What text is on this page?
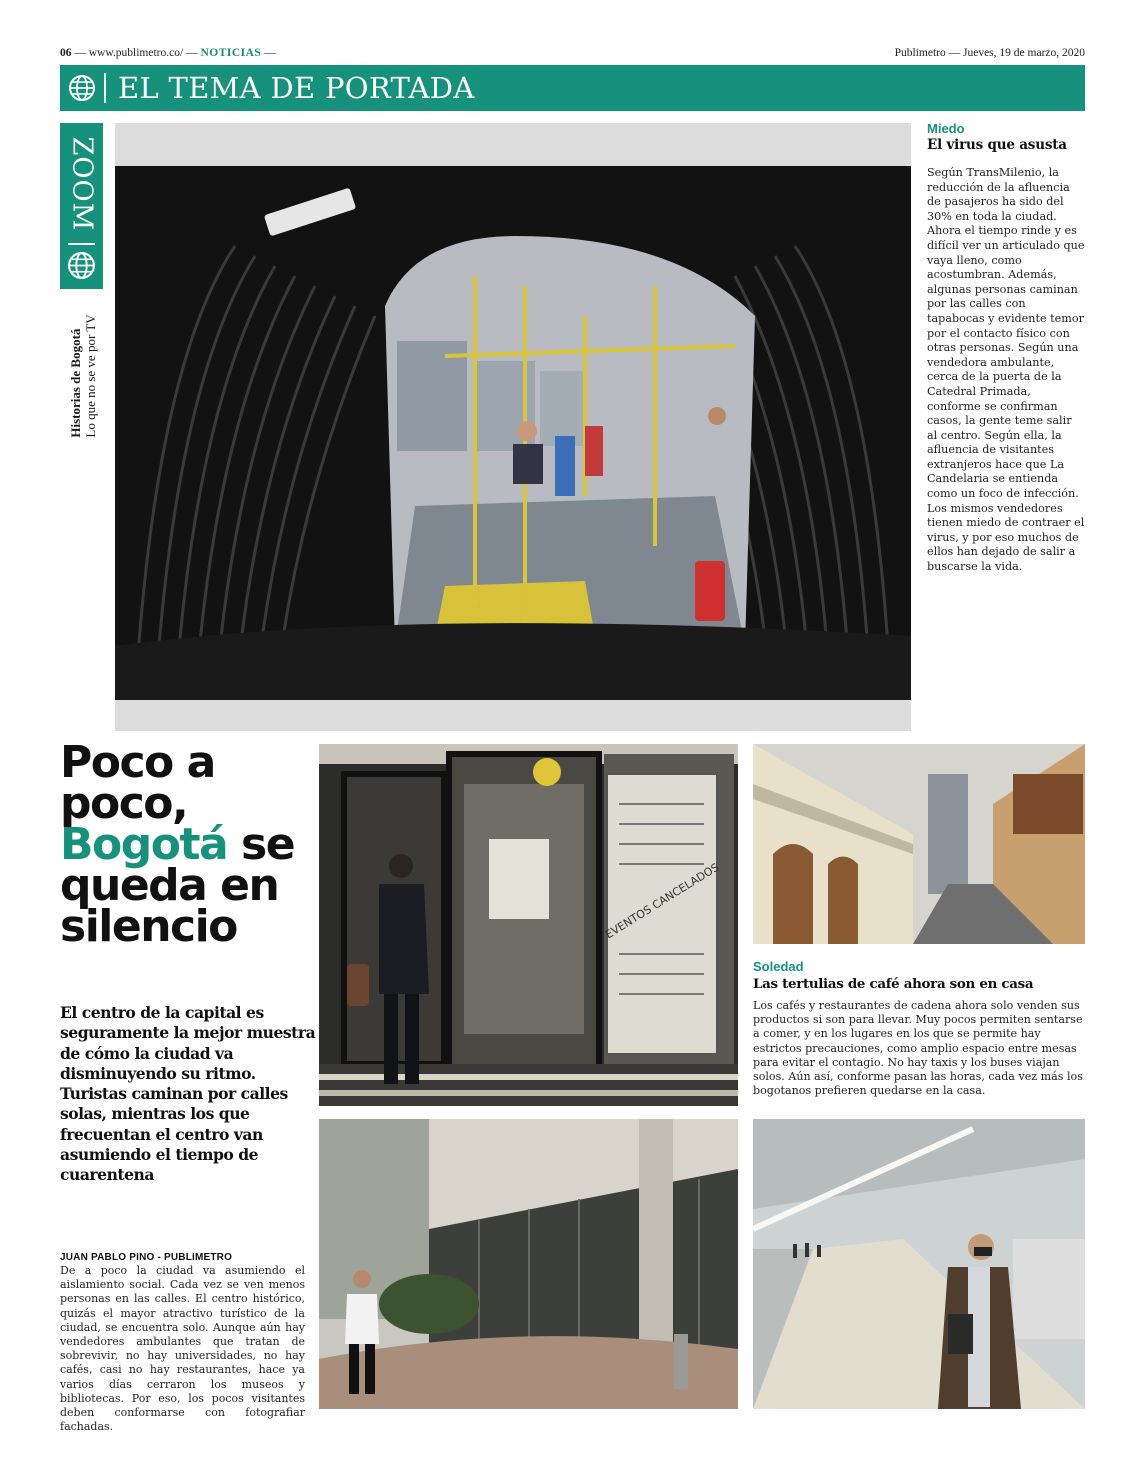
06 — www.publimetro.co/ — NOTICIAS —	Publimetro — Jueves, 19 de marzo, 2020
EL TEMA DE PORTADA
ZOOM
Historias de Bogotá Lo que no se ve por TV
Miedo
El virus que asusta
Según TransMilenio, la reducción de la afluencia de pasajeros ha sido del 30% en toda la ciudad. Ahora el tiempo rinde y es difícil ver un articulado que vaya lleno, como acostumbran. Además, algunas personas caminan por las calles con tapabocas y evidente temor por el contacto físico con otras personas. Según una vendedora ambulante, cerca de la puerta de la Catedral Primada, conforme se confirman casos, la gente teme salir al centro. Según ella, la afluencia de visitantes extranjeros hace que La Candelaria se entienda como un foco de infección. Los mismos vendedores tienen miedo de contraer el virus, y por eso muchos de ellos han dejado de salir a buscarse la vida.
Poco a
poco,
Bogotá se
queda en
silencio
El centro de la capital es seguramente la mejor muestra de cómo la ciudad va disminuyendo su ritmo. Turistas caminan por calles solas, mientras los que frecuentan el centro van asumiendo el tiempo de cuarentena
JUAN PABLO PINO - PUBLIMETRO
De a poco la ciudad va asumiendo el aislamiento social. Cada vez se ven menos personas en las calles. El centro histórico, quizás el mayor atractivo turístico de la ciudad, se encuentra solo. Aunque aún hay vendedores ambulantes que tratan de sobrevivir, no hay universidades, no hay cafés, casi no hay restaurantes, hace ya varios días cerraron los museos y bibliotecas. Por eso, los pocos visitantes deben conformarse con fotografiar fachadas.
EVENTOS CANCELADOS
Soledad
Las tertulias de café ahora son en casa
Los cafés y restaurantes de cadena ahora solo venden sus productos si son para llevar. Muy pocos permiten sentarse a comer, y en los lugares en los que se permite hay estrictos precauciones, como amplio espacio entre mesas para evitar el contagio. No hay taxis y los buses viajan solos. Aún así, conforme pasan las horas, cada vez más los bogotanos prefieren quedarse en la casa.
